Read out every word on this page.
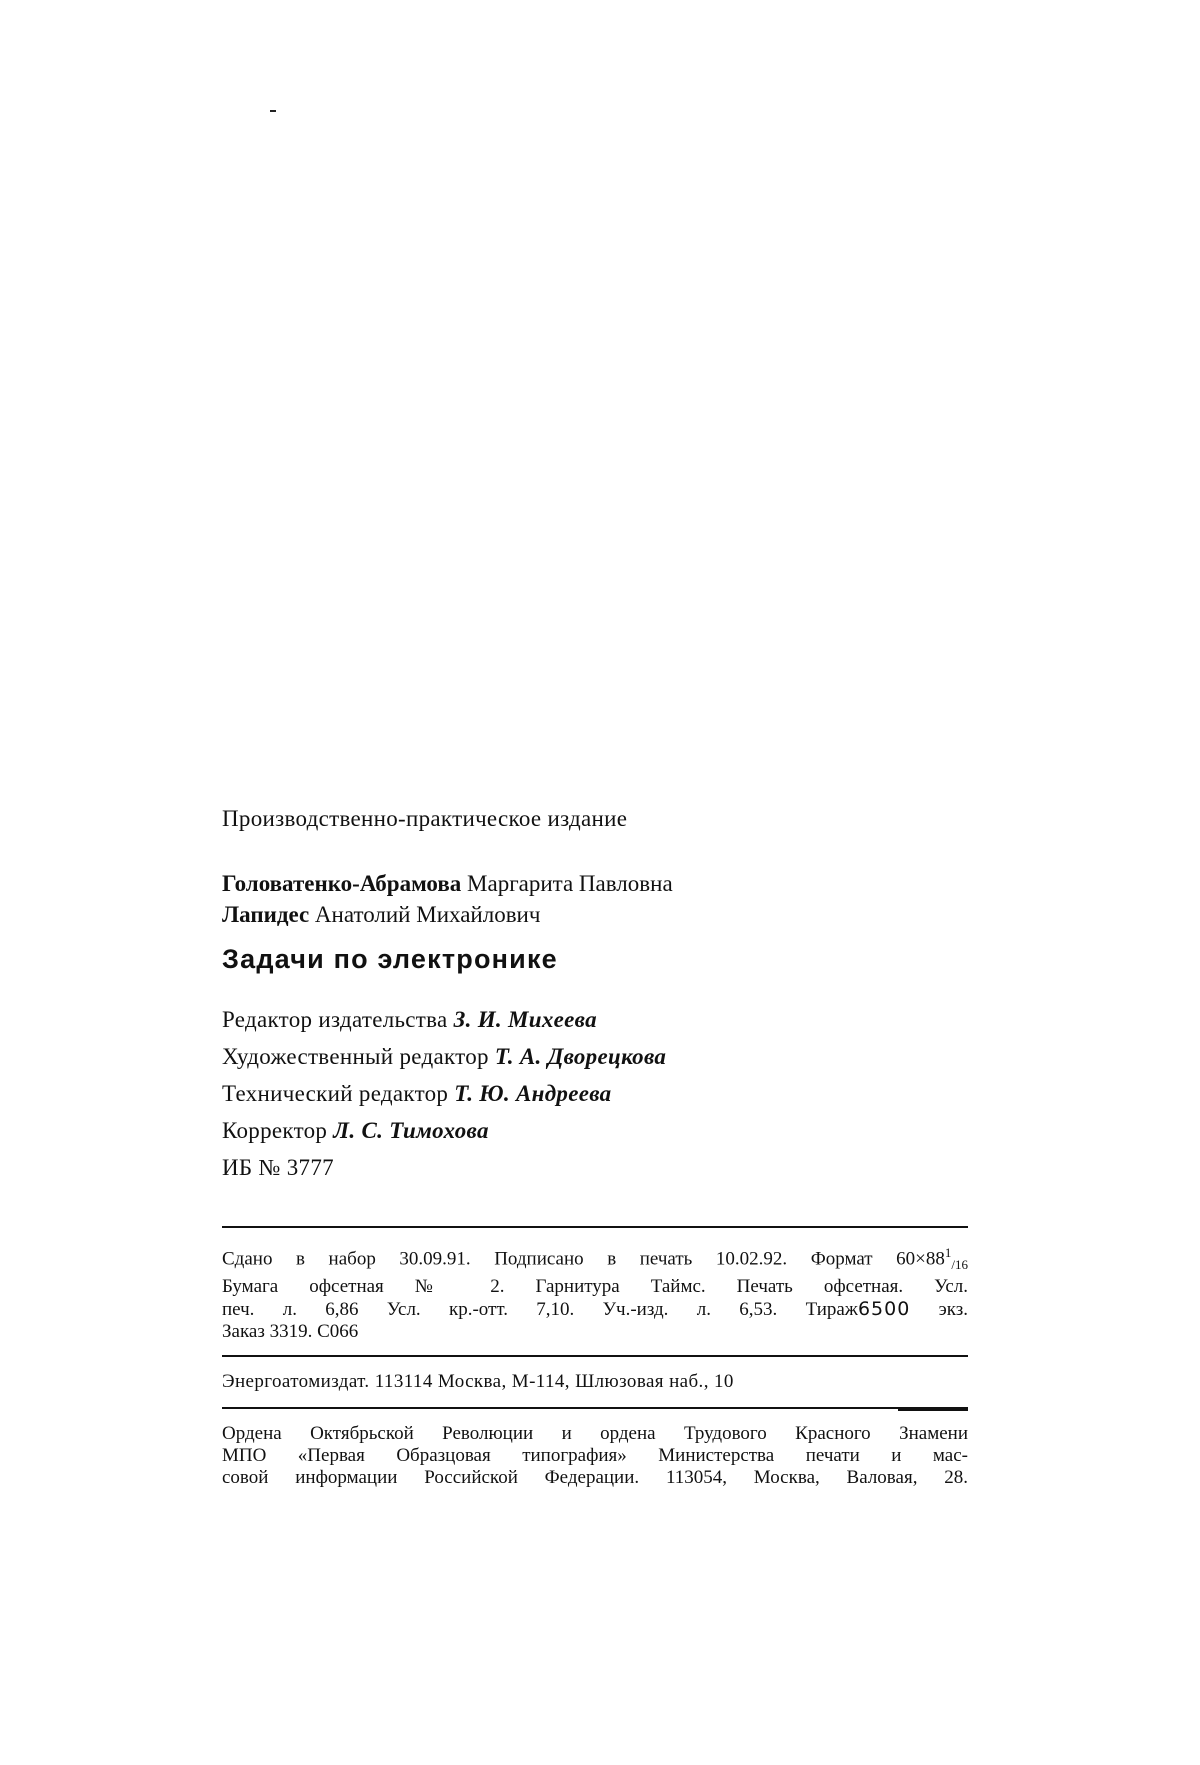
Производственно-практическое издание
Головатенко-Абрамова Маргарита Павловна
Лапидес Анатолий Михайлович
Задачи по электронике
Редактор издательства З. И. Михеева
Художественный редактор Т. А. Дворецкова
Технический редактор Т. Ю. Андреева
Корректор Л. С. Тимохова
ИБ № 3777
Сдано в набор 30.09.91. Подписано в печать 10.02.92. Формат $60\times 88^1_{/16}$
Бумага офсетная № 2. Гарнитура Таймс. Печать офсетная. Усл.
печ. л. 6,86 Усл. кр.-отт. 7,10. Уч.-изд. л. 6,53. Тираж6500 экз.
Заказ 3319. С066
Энергоатомиздат. 113114 Москва, М-114, Шлюзовая наб., 10
Ордена Октябрьской Революции и ордена Трудового Красного Знамени
МПО «Первая Образцовая типография» Министерства печати и мас-
совой информации Российской Федерации. 113054, Москва, Валовая, 28.
